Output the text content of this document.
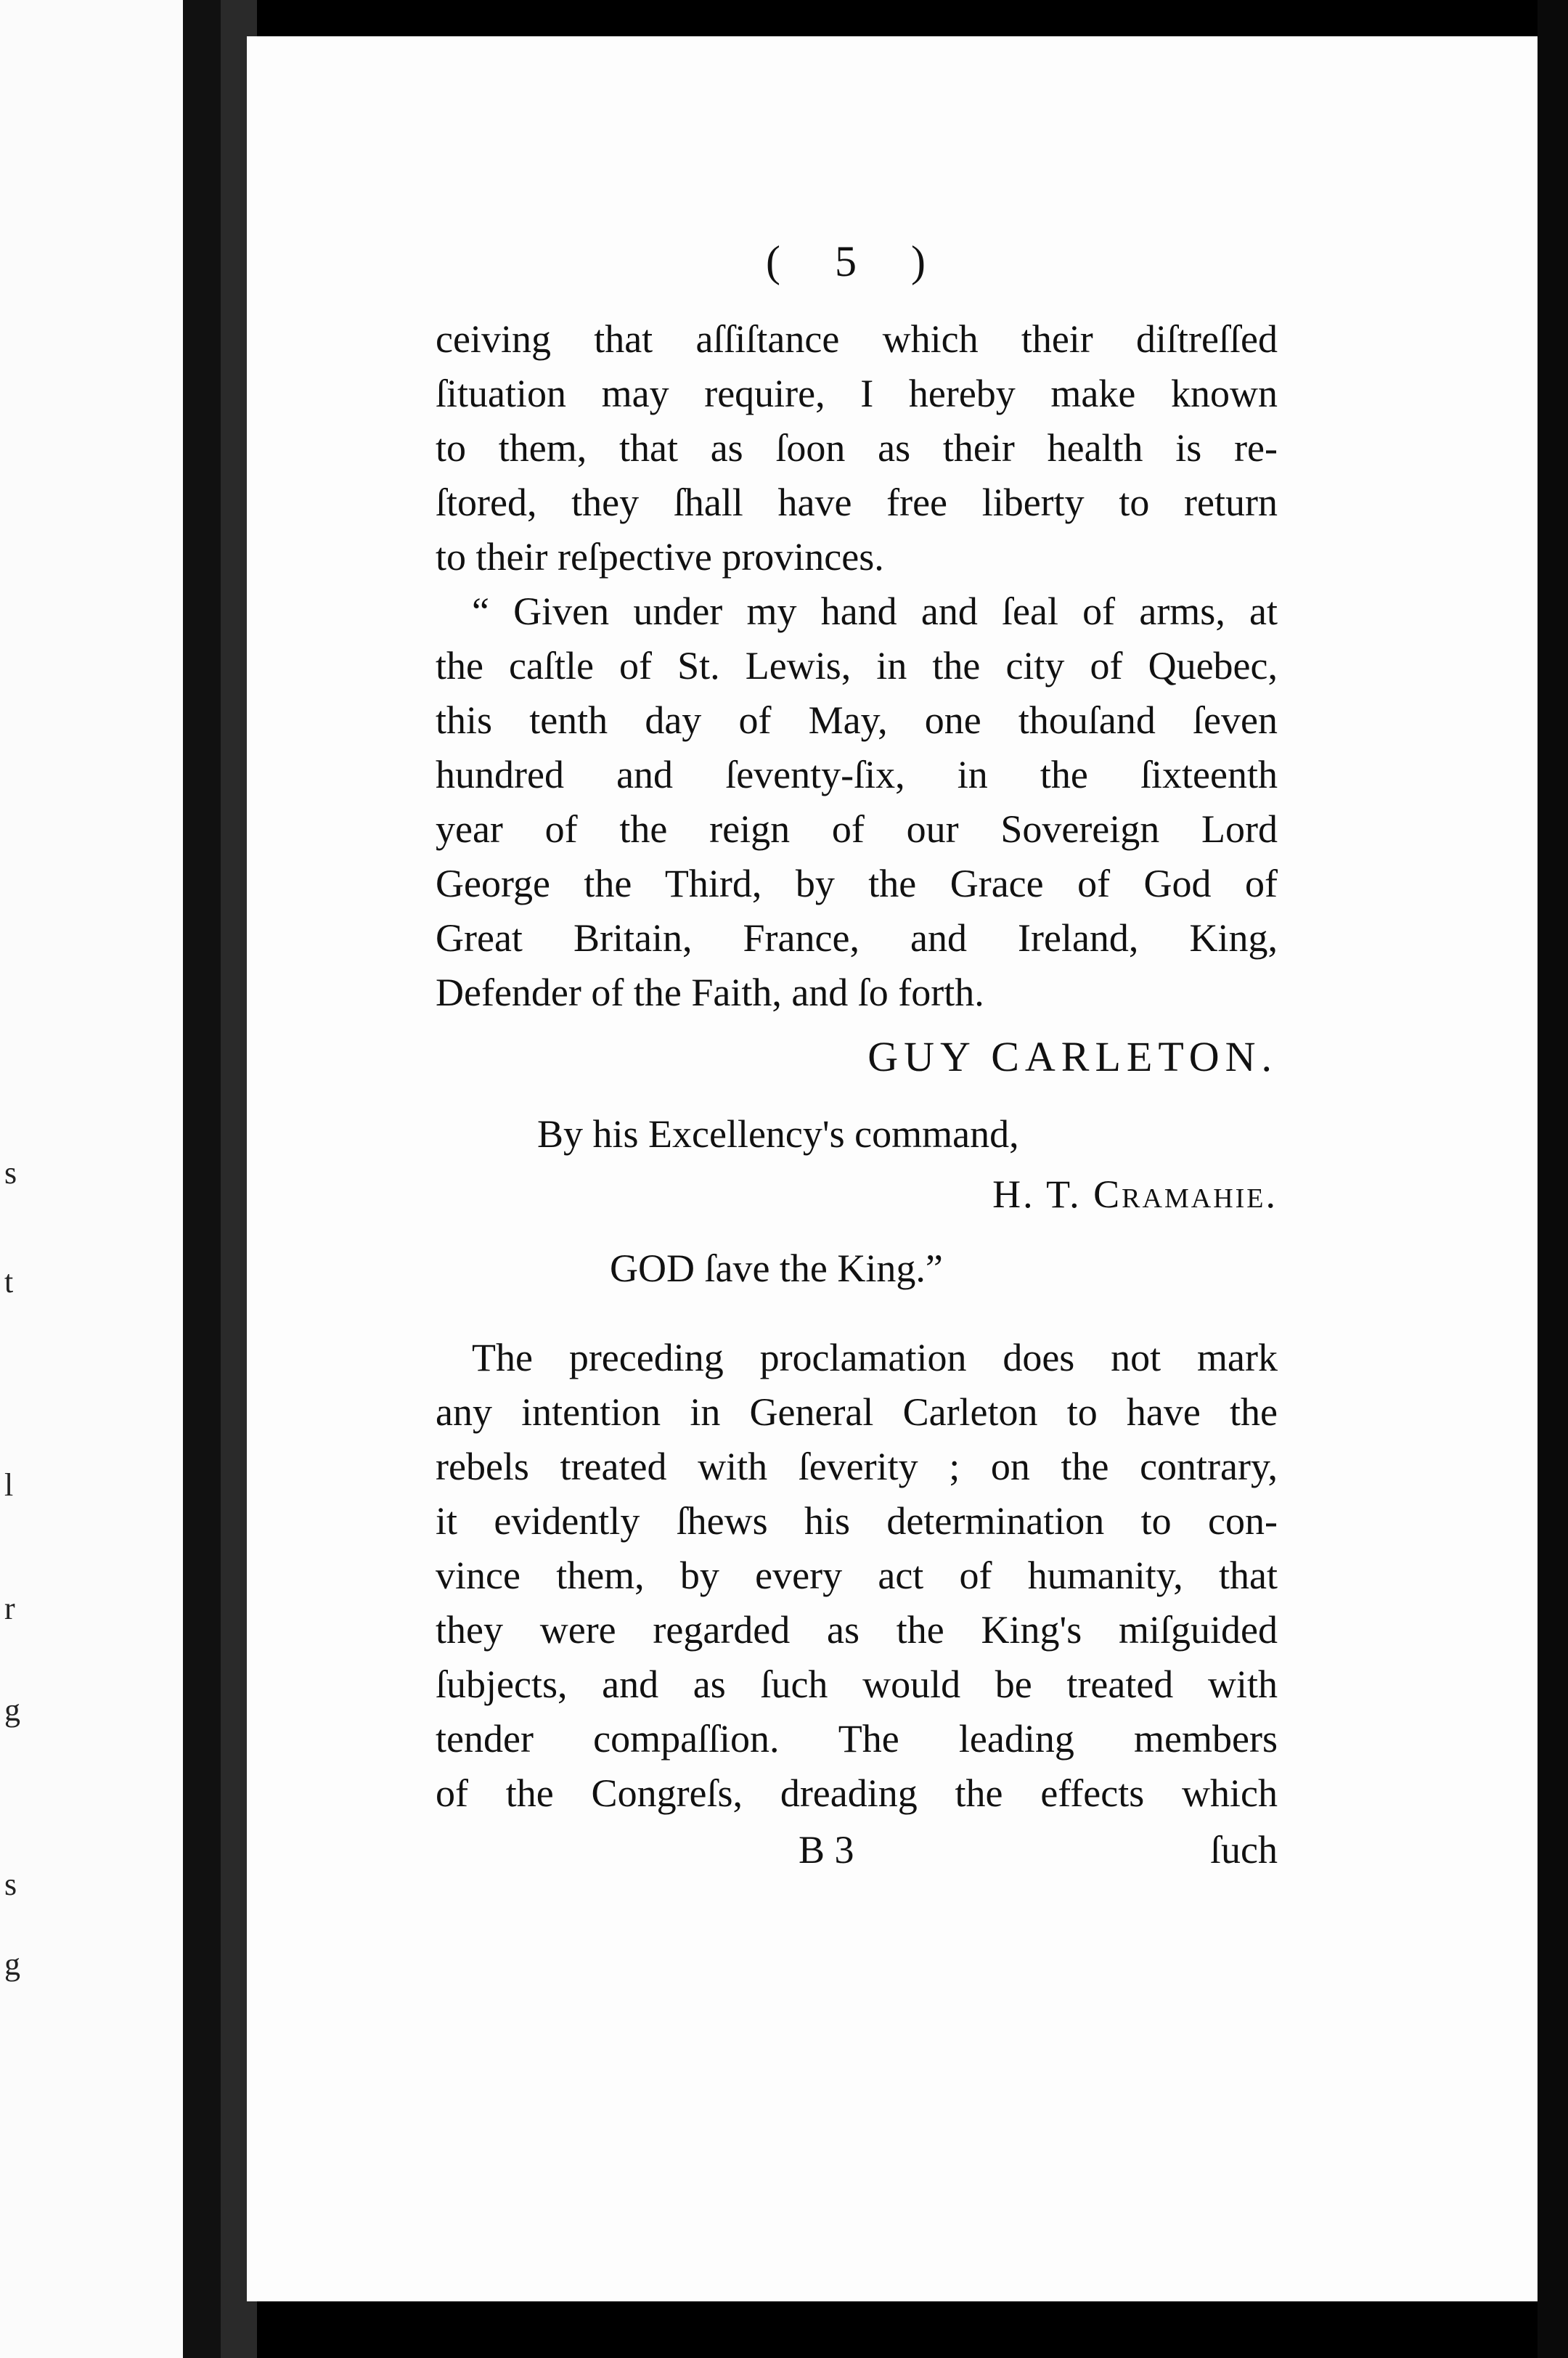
s
t
l
r
g
s
g
( 5 )
ceiving that aſſiſtance which their diſtreſſed
ſituation may require, I hereby make known
to them, that as ſoon as their health is re-
ſtored, they ſhall have free liberty to return
to their reſpective provinces.
“ Given under my hand and ſeal of arms, at
the caſtle of St. Lewis, in the city of Quebec,
this tenth day of May, one thouſand ſeven
hundred and ſeventy-ſix, in the ſixteenth
year of the reign of our Sovereign Lord
George the Third, by the Grace of God of
Great Britain, France, and Ireland, King,
Defender of the Faith, and ſo forth.
GUY CARLETON.
By his Excellency's command,
H. T. Cramahie.
GOD ſave the King.”
The preceding proclamation does not mark
any intention in General Carleton to have the
rebels treated with ſeverity ; on the contrary,
it evidently ſhews his determination to con-
vince them, by every act of humanity, that
they were regarded as the King's miſguided
ſubjects, and as ſuch would be treated with
tender compaſſion. The leading members
of the Congreſs, dreading the effects which
B 3	ſuch
